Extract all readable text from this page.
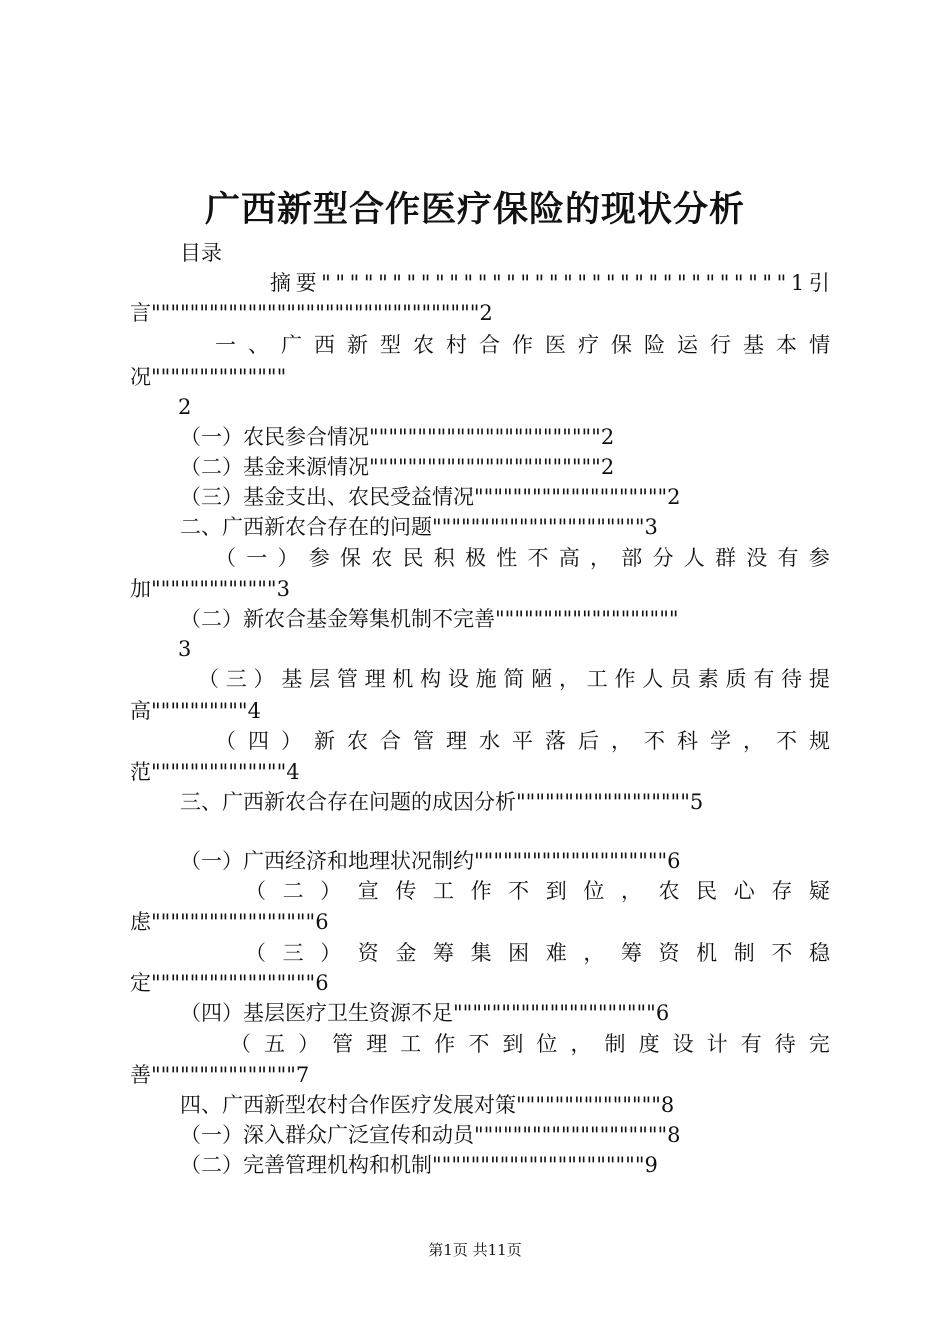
广西新型合作医疗保险的现状分析
目录
摘 要 " " " " " " " " " " " " " " " " " " " " " " " " " " " " " " " " " 1 引
言""""""""""""""""""""""""""""""""""2
一 、 广 西 新 型 农 村 合 作 医 疗 保 险 运 行 基 本 情
况""""""""""""""
2
（一）农民参合情况""""""""""""""""""""""""2
（二）基金来源情况""""""""""""""""""""""""2
（三）基金支出、农民受益情况""""""""""""""""""""2
二、广西新农合存在的问题""""""""""""""""""""""3
（ 一 ） 参 保 农 民 积 极 性 不 高 ， 部 分 人 群 没 有 参
加"""""""""""""3
（二）新农合基金筹集机制不完善"""""""""""""""""""
3
（ 三 ） 基 层 管 理 机 构 设 施 简 陋 ， 工 作 人 员 素 质 有 待 提
高""""""""""4
（ 四 ） 新 农 合 管 理 水 平 落 后 ， 不 科 学 ， 不 规
范""""""""""""""4
三、广西新农合存在问题的成因分析""""""""""""""""""5
（一）广西经济和地理状况制约""""""""""""""""""""6
（ 二 ） 宣 传 工 作 不 到 位 ， 农 民 心 存 疑
虑"""""""""""""""""6
（ 三 ） 资 金 筹 集 困 难 ， 筹 资 机 制 不 稳
定"""""""""""""""""6
（四）基层医疗卫生资源不足"""""""""""""""""""""6
（ 五 ） 管 理 工 作 不 到 位 ， 制 度 设 计 有 待 完
善"""""""""""""""7
四、广西新型农村合作医疗发展对策"""""""""""""""8
（一）深入群众广泛宣传和动员""""""""""""""""""""8
（二）完善管理机构和机制""""""""""""""""""""""9
第1页 共11页
